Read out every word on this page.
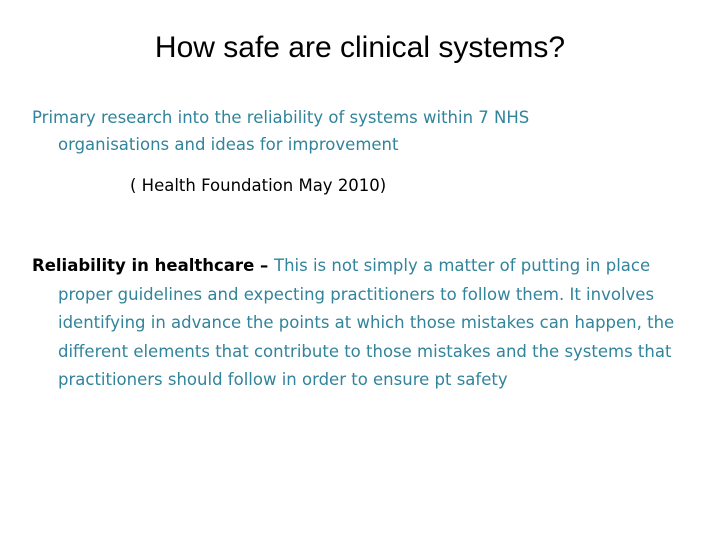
How safe are clinical systems?
Primary research into the reliability of systems within 7 NHS organisations and ideas for improvement
( Health Foundation May 2010)
Reliability in healthcare – This is not simply a matter of putting in place proper guidelines and expecting practitioners to follow them. It involves identifying in advance the points at which those mistakes can happen, the different elements that contribute to those mistakes and the systems that practitioners should follow in order to ensure pt safety
